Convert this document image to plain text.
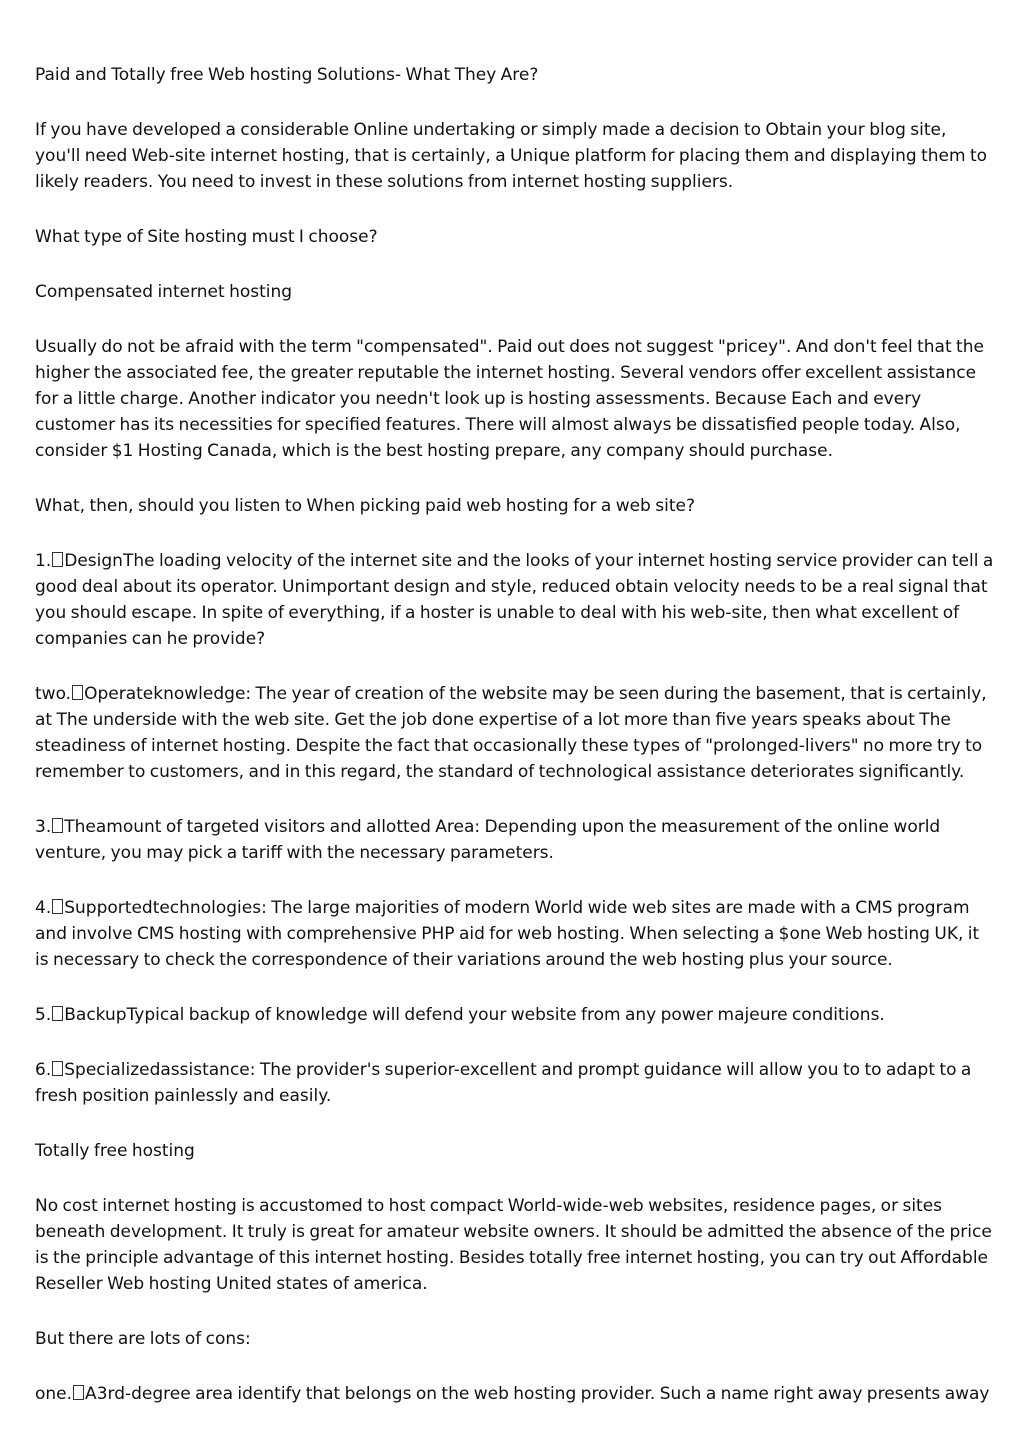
Paid and Totally free Web hosting Solutions- What They Are?

If you have developed a considerable Online undertaking or simply made a decision to Obtain your blog site, you'll need Web-site internet hosting, that is certainly, a Unique platform for placing them and displaying them to likely readers. You need to invest in these solutions from internet hosting suppliers.

What type of Site hosting must I choose?

Compensated internet hosting

Usually do not be afraid with the term "compensated". Paid out does not suggest "pricey". And don't feel that the higher the associated fee, the greater reputable the internet hosting. Several vendors offer excellent assistance for a little charge. Another indicator you needn't look up is hosting assessments. Because Each and every customer has its necessities for specified features. There will almost always be dissatisfied people today. Also, consider $1 Hosting Canada, which is the best hosting prepare, any company should purchase.

What, then, should you listen to When picking paid web hosting for a web site?

1. DesignThe loading velocity of the internet site and the looks of your internet hosting service provider can tell a good deal about its operator. Unimportant design and style, reduced obtain velocity needs to be a real signal that you should escape. In spite of everything, if a hoster is unable to deal with his web-site, then what excellent of companies can he provide?

two. Operateknowledge: The year of creation of the website may be seen during the basement, that is certainly, at The underside with the web site. Get the job done expertise of a lot more than five years speaks about The steadiness of internet hosting. Despite the fact that occasionally these types of "prolonged-livers" no more try to remember to customers, and in this regard, the standard of technological assistance deteriorates significantly.

3. Theamount of targeted visitors and allotted Area: Depending upon the measurement of the online world venture, you may pick a tariff with the necessary parameters.

4. Supportedtechnologies: The large majorities of modern World wide web sites are made with a CMS program and involve CMS hosting with comprehensive PHP aid for web hosting. When selecting a $one Web hosting UK, it is necessary to check the correspondence of their variations around the web hosting plus your source.

5. BackupTypical backup of knowledge will defend your website from any power majeure conditions.

6. Specializedassistance: The provider's superior-excellent and prompt guidance will allow you to to adapt to a fresh position painlessly and easily.

Totally free hosting

No cost internet hosting is accustomed to host compact World-wide-web websites, residence pages, or sites beneath development. It truly is great for amateur website owners. It should be admitted the absence of the price is the principle advantage of this internet hosting. Besides totally free internet hosting, you can try out Affordable Reseller Web hosting United states of america.

But there are lots of cons:

one. A3rd-degree area identify that belongs on the web hosting provider. Such a name right away presents away
